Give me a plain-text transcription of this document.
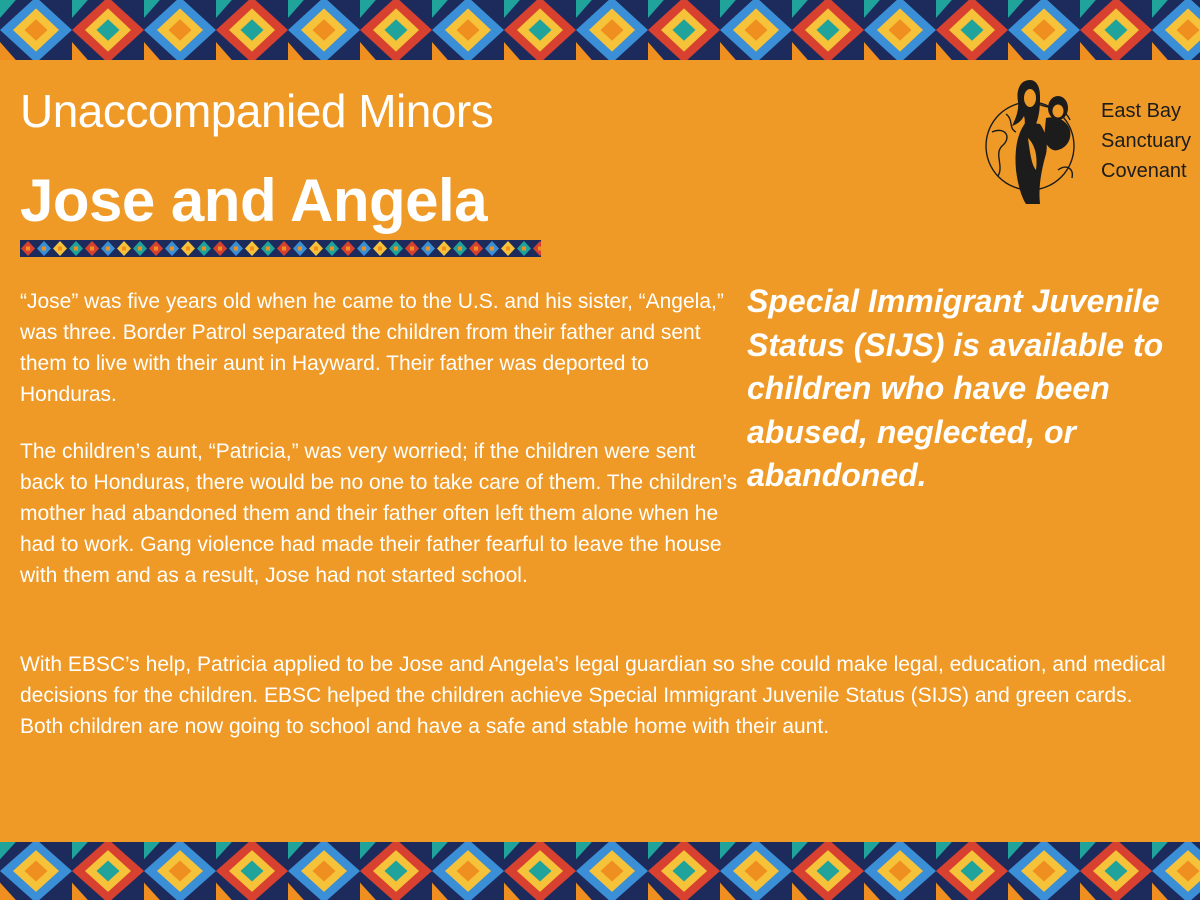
Unaccompanied Minors
Jose and Angela
East Bay
Sanctuary
Covenant

“Jose” was five years old when he came to the U.S. and his sister, “Angela,” was three. Border Patrol separated the children from their father and sent them to live with their aunt in Hayward. Their father was deported to Honduras.

The children’s aunt, “Patricia,” was very worried; if the children were sent back to Honduras, there would be no one to take care of them. The children’s mother had abandoned them and their father often left them alone when he had to work. Gang violence had made their father fearful to leave the house with them and as a result, Jose had not started school.

With EBSC’s help, Patricia applied to be Jose and Angela’s legal guardian so she could make legal, education, and medical decisions for the children. EBSC helped the children achieve Special Immigrant Juvenile Status (SIJS) and green cards. Both children are now going to school and have a safe and stable home with their aunt.

Special Immigrant Juvenile Status (SIJS) is available to children who have been abused, neglected, or abandoned.
